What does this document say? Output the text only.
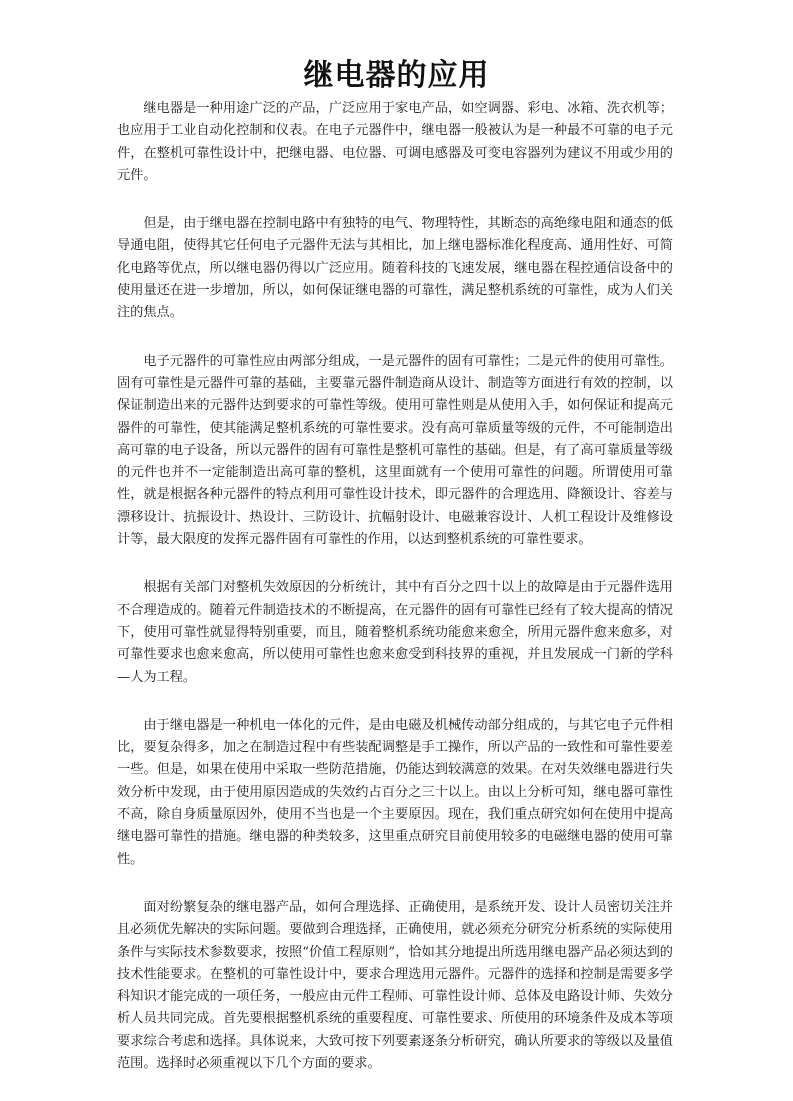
继电器的应用

继电器是一种用途广泛的产品，广泛应用于家电产品，如空调器、彩电、冰箱、洗衣机等；也应用于工业自动化控制和仪表。在电子元器件中，继电器一般被认为是一种最不可靠的电子元件，在整机可靠性设计中，把继电器、电位器、可调电感器及可变电容器列为建议不用或少用的元件。

但是，由于继电器在控制电路中有独特的电气、物理特性，其断态的高绝缘电阻和通态的低导通电阻，使得其它任何电子元器件无法与其相比，加上继电器标准化程度高、通用性好、可简化电路等优点，所以继电器仍得以广泛应用。随着科技的飞速发展，继电器在程控通信设备中的使用量还在进一步增加，所以，如何保证继电器的可靠性，满足整机系统的可靠性，成为人们关注的焦点。

电子元器件的可靠性应由两部分组成，一是元器件的固有可靠性；二是元件的使用可靠性。固有可靠性是元器件可靠的基础，主要靠元器件制造商从设计、制造等方面进行有效的控制，以保证制造出来的元器件达到要求的可靠性等级。使用可靠性则是从使用入手，如何保证和提高元器件的可靠性，使其能满足整机系统的可靠性要求。没有高可靠质量等级的元件，不可能制造出高可靠的电子设备，所以元器件的固有可靠性是整机可靠性的基础。但是，有了高可靠质量等级的元件也并不一定能制造出高可靠的整机，这里面就有一个使用可靠性的问题。所谓使用可靠性，就是根据各种元器件的特点利用可靠性设计技术，即元器件的合理选用、降额设计、容差与漂移设计、抗振设计、热设计、三防设计、抗幅射设计、电磁兼容设计、人机工程设计及维修设计等，最大限度的发挥元器件固有可靠性的作用，以达到整机系统的可靠性要求。

根据有关部门对整机失效原因的分析统计，其中有百分之四十以上的故障是由于元器件选用不合理造成的。随着元件制造技术的不断提高，在元器件的固有可靠性已经有了较大提高的情况下，使用可靠性就显得特别重要，而且，随着整机系统功能愈来愈全，所用元器件愈来愈多，对可靠性要求也愈来愈高，所以使用可靠性也愈来愈受到科技界的重视，并且发展成一门新的学科—人为工程。

由于继电器是一种机电一体化的元件，是由电磁及机械传动部分组成的，与其它电子元件相比，要复杂得多，加之在制造过程中有些装配调整是手工操作，所以产品的一致性和可靠性要差一些。但是，如果在使用中采取一些防范措施，仍能达到较满意的效果。在对失效继电器进行失效分析中发现，由于使用原因造成的失效约占百分之三十以上。由以上分析可知，继电器可靠性不高，除自身质量原因外，使用不当也是一个主要原因。现在，我们重点研究如何在使用中提高继电器可靠性的措施。继电器的种类较多，这里重点研究目前使用较多的电磁继电器的使用可靠性。

面对纷繁复杂的继电器产品，如何合理选择、正确使用，是系统开发、设计人员密切关注并且必须优先解决的实际问题。要做到合理选择，正确使用，就必须充分研究分析系统的实际使用条件与实际技术参数要求，按照“价值工程原则”，恰如其分地提出所选用继电器产品必须达到的技术性能要求。在整机的可靠性设计中，要求合理选用元器件。元器件的选择和控制是需要多学科知识才能完成的一项任务，一般应由元件工程师、可靠性设计师、总体及电路设计师、失效分析人员共同完成。首先要根据整机系统的重要程度、可靠性要求、所使用的环境条件及成本等项要求综合考虑和选择。具体说来，大致可按下列要素逐条分析研究，确认所要求的等级以及量值范围。选择时必须重视以下几个方面的要求。
